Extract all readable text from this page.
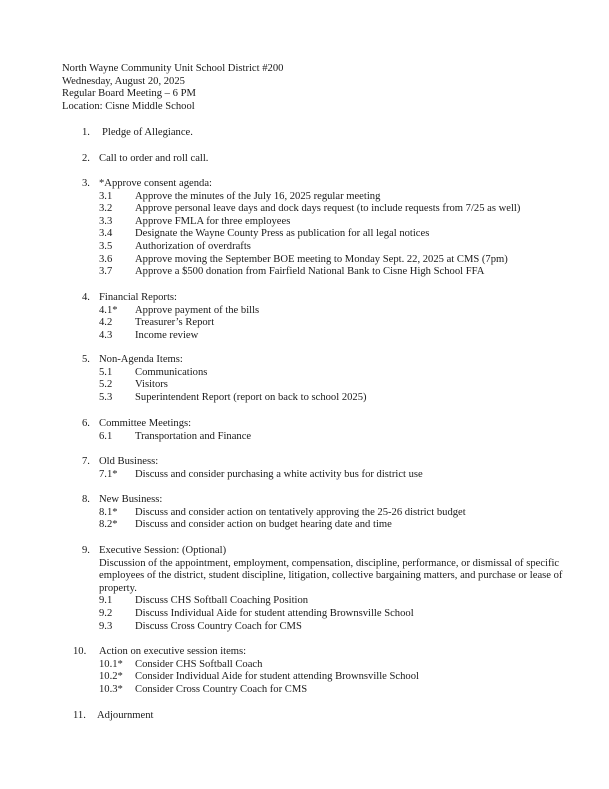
North Wayne Community Unit School District #200
Wednesday, August 20, 2025
Regular Board Meeting – 6 PM
Location: Cisne Middle School
1. Pledge of Allegiance.
2. Call to order and roll call.
3. *Approve consent agenda:
3.1 Approve the minutes of the July 16, 2025 regular meeting
3.2 Approve personal leave days and dock days request (to include requests from 7/25 as well)
3.3 Approve FMLA for three employees
3.4 Designate the Wayne County Press as publication for all legal notices
3.5 Authorization of overdrafts
3.6 Approve moving the September BOE meeting to Monday Sept. 22, 2025 at CMS (7pm)
3.7 Approve a $500 donation from Fairfield National Bank to Cisne High School FFA
4. Financial Reports:
4.1* Approve payment of the bills
4.2 Treasurer’s Report
4.3 Income review
5. Non-Agenda Items:
5.1 Communications
5.2 Visitors
5.3 Superintendent Report (report on back to school 2025)
6. Committee Meetings:
6.1 Transportation and Finance
7. Old Business:
7.1* Discuss and consider purchasing a white activity bus for district use
8. New Business:
8.1* Discuss and consider action on tentatively approving the 25-26 district budget
8.2* Discuss and consider action on budget hearing date and time
9. Executive Session: (Optional)
Discussion of the appointment, employment, compensation, discipline, performance, or dismissal of specific employees of the district, student discipline, litigation, collective bargaining matters, and purchase or lease of property.
9.1 Discuss CHS Softball Coaching Position
9.2 Discuss Individual Aide for student attending Brownsville School
9.3 Discuss Cross Country Coach for CMS
10. Action on executive session items:
10.1* Consider CHS Softball Coach
10.2* Consider Individual Aide for student attending Brownsville School
10.3* Consider Cross Country Coach for CMS
11. Adjournment
